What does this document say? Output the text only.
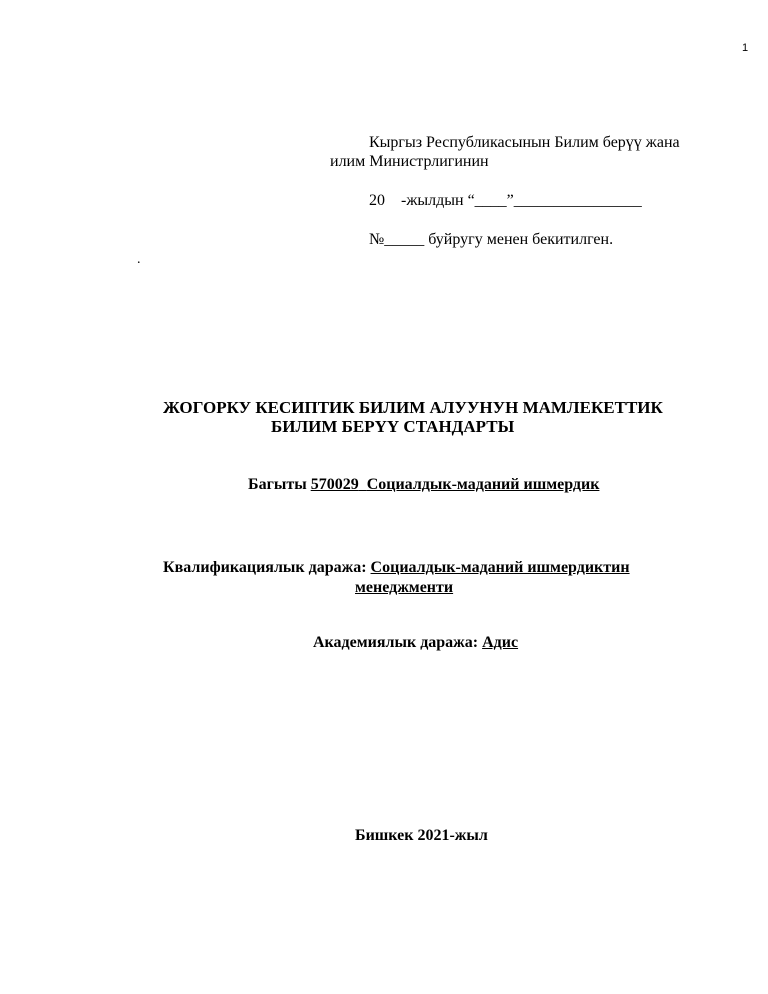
1
Кыргыз Республикасынын Билим берүү жана
илим Министрлигинин
20 -жылдын “____”________________
№_____ буйругу менен бекитилген.
.
ЖОГОРКУ КЕСИПТИК БИЛИМ АЛУУНУН МАМЛЕКЕТТИК
БИЛИМ БЕРҮҮ СТАНДАРТЫ
Багыты 570029 Социалдык-маданий ишмердик
Квалификациялык даража: Социалдык-маданий ишмердиктин
менеджменти
Академиялык даража: Адис
Бишкек 2021-жыл
